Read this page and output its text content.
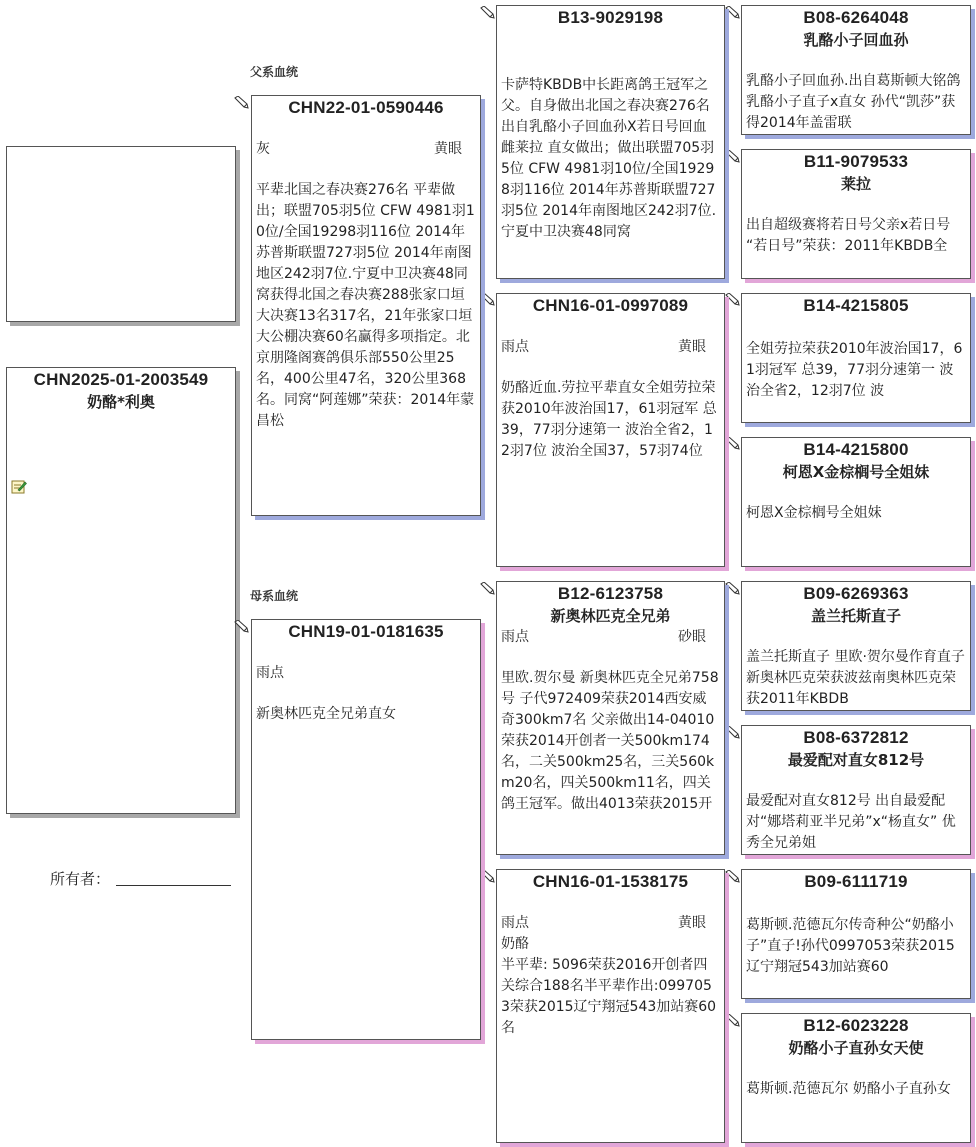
父系血统
母系血统
CHN2025-01-2003549
奶酪*利奥
所有者：
CHN22-01-0590446
灰	黄眼
平辈北国之春决赛276名 平辈做出；联盟705羽5位 CFW 4981羽10位/全国19298羽116位 2014年苏普斯联盟727羽5位 2014年南图地区242羽7位.宁夏中卫决赛48同窝获得北国之春决赛288张家口垣大决赛13名317名，21年张家口垣大公棚决赛60名赢得多项指定。北京朋隆阁赛鸽俱乐部550公里25名，400公里47名，320公里368名。同窝“阿莲娜”荣获：2014年蒙昌松
CHN19-01-0181635
雨点
新奥林匹克全兄弟直女
B13-9029198
卡萨特KBDB中长距离鸽王冠军之父。自身做出北国之春决赛276名出自乳酪小子回血孙X若日号回血雌莱拉 直女做出；做出联盟705羽5位 CFW 4981羽10位/全国19298羽116位 2014年苏普斯联盟727羽5位 2014年南图地区242羽7位.宁夏中卫决赛48同窝
CHN16-01-0997089
雨点	黄眼
奶酪近血.劳拉平辈直女全姐劳拉荣获2010年波治国17，61羽冠军 总39，77羽分速第一 波治全省2，12羽7位 波治全国37，57羽74位
B12-6123758
新奥林匹克全兄弟
雨点	砂眼
里欧.贺尔曼 新奥林匹克全兄弟758号 子代972409荣获2014西安威奇300km7名 父亲做出14-04010荣获2014开创者一关500km174名，二关500km25名，三关560km20名，四关500km11名，四关鸽王冠军。做出4013荣获2015开
CHN16-01-1538175
雨点	黄眼
奶酪
半平辈: 5096荣获2016开创者四关综合188名半平辈作出:0997053荣获2015辽宁翔冠543加站赛60名
B08-6264048
乳酪小子回血孙
乳酪小子回血孙.出自葛斯顿大铭鸽乳酪小子直子x直女 孙代“凯莎”获得2014年盖雷联
B11-9079533
莱拉
出自超级赛将若日号父亲x若日号 “若日号”荣获：2011年KBDB全
B14-4215805
全姐劳拉荣获2010年波治国17，61羽冠军 总39，77羽分速第一 波治全省2，12羽7位 波
B14-4215800
柯恩X金棕榈号全姐妹
柯恩X金棕榈号全姐妹
B09-6269363
盖兰托斯直子
盖兰托斯直子 里欧·贺尔曼作育直子新奥林匹克荣获波兹南奥林匹克荣获2011年KBDB
B08-6372812
最爱配对直女812号
最爱配对直女812号 出自最爱配对“娜塔莉亚半兄弟”x“杨直女” 优秀全兄弟姐
B09-6111719
葛斯顿.范德瓦尔传奇种公“奶酪小子”直子!孙代0997053荣获2015辽宁翔冠543加站赛60
B12-6023228
奶酪小子直孙女天使
葛斯顿.范德瓦尔 奶酪小子直孙女
